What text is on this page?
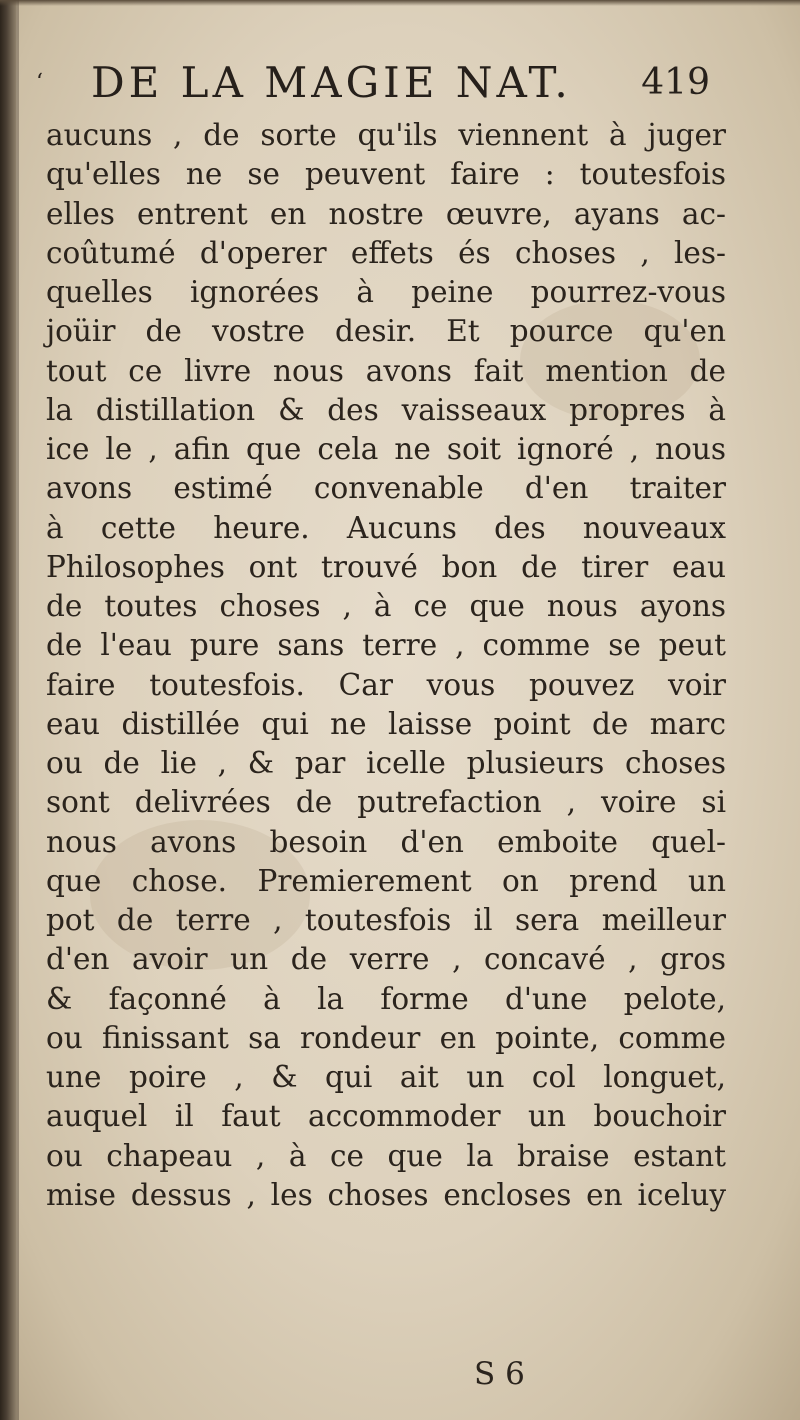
ʻ DE LA MAGIE NAT. 419
aucuns , de sorte qu'ils viennent à juger
qu'elles ne se peuvent faire : toutesfois
elles entrent en nostre œuvre, ayans ac-
coûtumé d'operer effets és choses , les-
quelles ignorées à peine pourrez-vous
joüir de vostre desir. Et pource qu'en
tout ce livre nous avons fait mention de
la distillation & des vaisseaux propres à
ice le , afin que cela ne soit ignoré , nous
avons estimé convenable d'en traiter
à cette heure. Aucuns des nouveaux
Philosophes ont trouvé bon de tirer eau
de toutes choses , à ce que nous ayons
de l'eau pure sans terre , comme se peut
faire toutesfois. Car vous pouvez voir
eau distillée qui ne laisse point de marc
ou de lie , & par icelle plusieurs choses
sont delivrées de putrefaction , voire si
nous avons besoin d'en emboite quel-
que chose. Premierement on prend un
pot de terre , toutesfois il sera meilleur
d'en avoir un de verre , concavé , gros
& façonné à la forme d'une pelote,
ou finissant sa rondeur en pointe, comme
une poire , & qui ait un col longuet,
auquel il faut accommoder un bouchoir
ou chapeau , à ce que la braise estant
mise dessus , les choses encloses en iceluy
S 6
